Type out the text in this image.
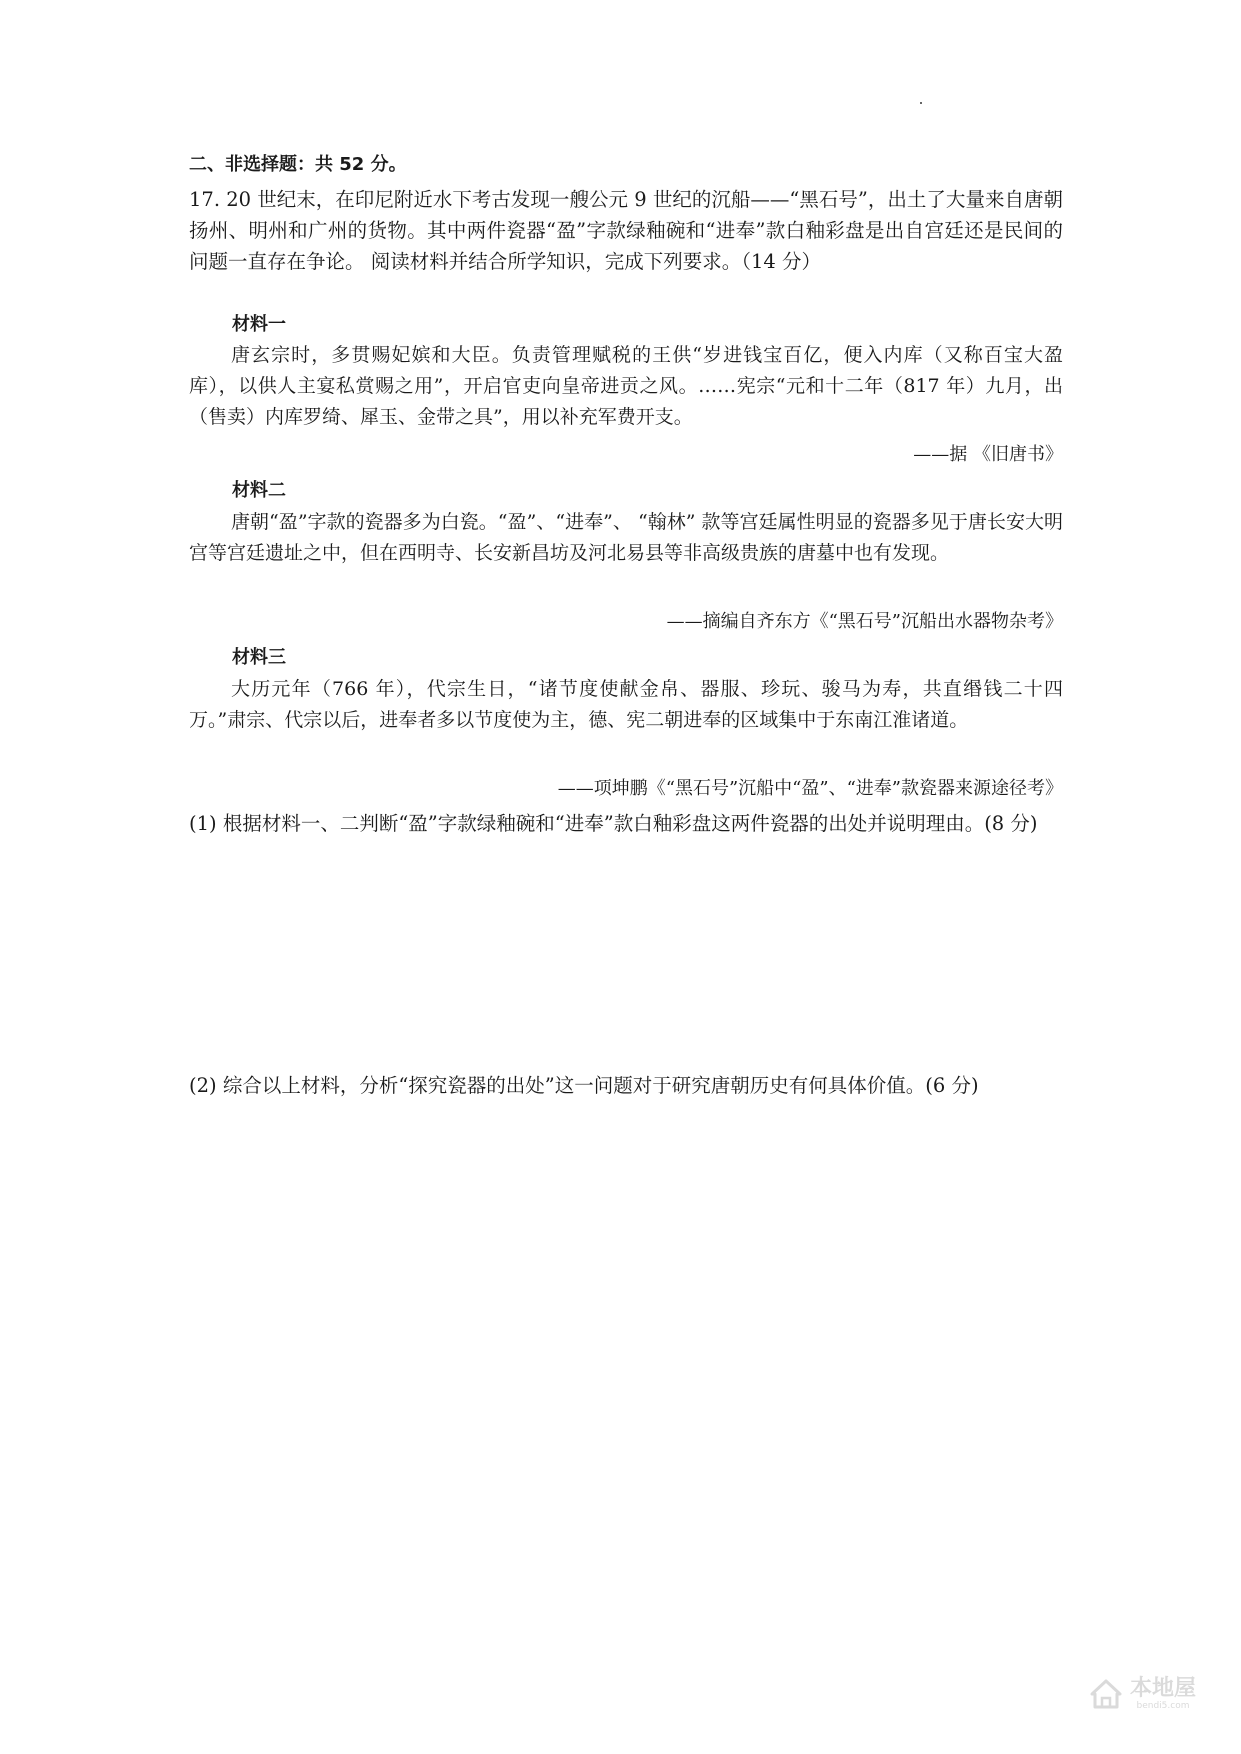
二、非选择题：共 52 分。
17. 20 世纪末，在印尼附近水下考古发现一艘公元 9 世纪的沉船——“黑石号”，出土了大量来自唐朝扬州、明州和广州的货物。其中两件瓷器“盈”字款绿釉碗和“进奉”款白釉彩盘是出自宫廷还是民间的问题一直存在争论。 阅读材料并结合所学知识，完成下列要求。（14 分）
材料一
唐玄宗时，多贯赐妃嫔和大臣。负责管理赋税的王供“岁进钱宝百亿，便入内库（又称百宝大盈库），以供人主宴私赏赐之用”，开启官吏向皇帝进贡之风。……宪宗“元和十二年（817 年）九月，出（售卖）内库罗绮、犀玉、金带之具”，用以补充军费开支。
——据 《旧唐书》
材料二
唐朝“盈”字款的瓷器多为白瓷。“盈”、“进奉”、 “翰林” 款等宫廷属性明显的瓷器多见于唐长安大明宫等宫廷遗址之中，但在西明寺、长安新昌坊及河北易县等非高级贵族的唐墓中也有发现。
——摘编自齐东方《“黑石号”沉船出水器物杂考》
材料三
大历元年（766 年），代宗生日，“诸节度使献金帛、器服、珍玩、骏马为寿，共直缗钱二十四万。”肃宗、代宗以后，进奉者多以节度使为主，德、宪二朝进奉的区域集中于东南江淮诸道。
——项坤鹏《“黑石号”沉船中“盈”、“进奉”款瓷器来源途径考》
(1) 根据材料一、二判断“盈”字款绿釉碗和“进奉”款白釉彩盘这两件瓷器的出处并说明理由。(8 分)
(2) 综合以上材料，分析“探究瓷器的出处”这一问题对于研究唐朝历史有何具体价值。(6 分)
本地屋
bendi5.com
